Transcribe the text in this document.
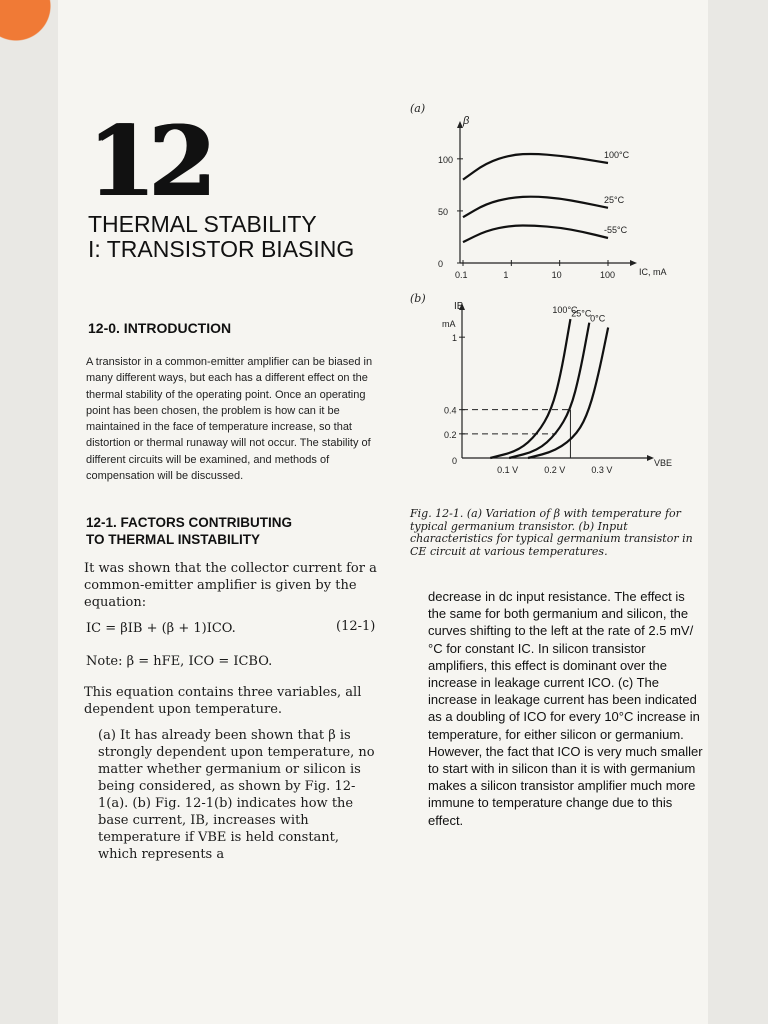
12
THERMAL STABILITY
I: TRANSISTOR BIASING
12-0. INTRODUCTION
A transistor in a common-emitter amplifier can be biased in many different ways, but each has a different effect on the thermal stability of the operating point. Once an operating point has been chosen, the problem is how can it be maintained in the face of temperature increase, so that distortion or thermal runaway will not occur. The stability of different circuits will be examined, and methods of compensation will be discussed.
12-1. FACTORS CONTRIBUTING
TO THERMAL INSTABILITY
It was shown that the collector current for a common-emitter amplifier is given by the equation:
IC = βIB + (β + 1)ICO.	(12-1)
Note: β = hFE, ICO = ICBO.
This equation contains three variables, all dependent upon temperature.
(a) It has already been shown that β is strongly dependent upon temperature, no matter whether germanium or silicon is being considered, as shown by Fig. 12-1(a). (b) Fig. 12-1(b) indicates how the base current, IB, increases with temperature if VBE is held constant, which represents a
(a)
(b)
β
IC, mA
0
50
100
0.1	1	10	100
100°C
25°C
-55°C
IB
mA
VBE
0.2
0.4
1
0
0.1 V	0.2 V	0.3 V
100°C
25°C
0°C
Fig. 12-1. (a) Variation of β with temperature for typical germanium transistor. (b) Input characteristics for typical germanium transistor in CE circuit at various temperatures.
decrease in dc input resistance. The effect is the same for both germanium and silicon, the curves shifting to the left at the rate of 2.5 mV/°C for constant IC. In silicon transistor amplifiers, this effect is dominant over the increase in leakage current ICO. (c) The increase in leakage current has been indicated as a doubling of ICO for every 10°C increase in temperature, for either silicon or germanium. However, the fact that ICO is very much smaller to start with in silicon than it is with germanium makes a silicon transistor amplifier much more immune to temperature change due to this effect.
